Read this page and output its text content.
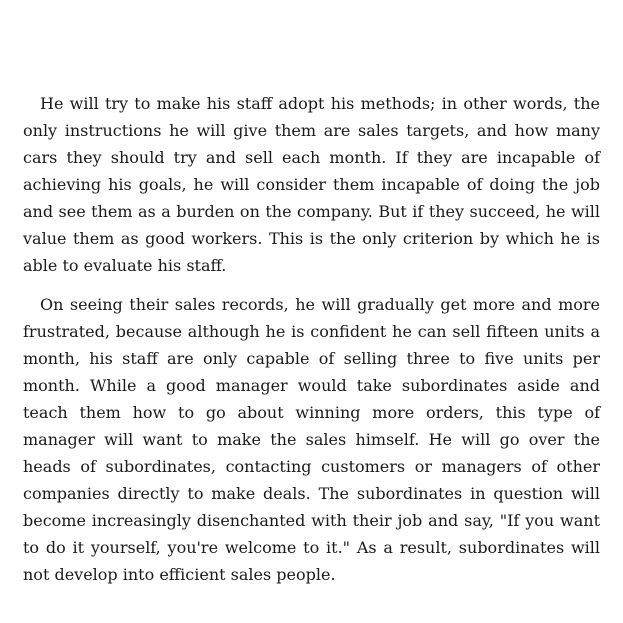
He will try to make his staff adopt his methods; in other words, the only instructions he will give them are sales targets, and how many cars they should try and sell each month. If they are incapable of achieving his goals, he will consider them incapable of doing the job and see them as a burden on the company. But if they succeed, he will value them as good workers. This is the only criterion by which he is able to evaluate his staff.

On seeing their sales records, he will gradually get more and more frustrated, because although he is confident he can sell fifteen units a month, his staff are only capable of selling three to five units per month. While a good manager would take subordinates aside and teach them how to go about winning more orders, this type of manager will want to make the sales himself. He will go over the heads of subordinates, contacting customers or managers of other companies directly to make deals. The subordinates in question will become increasingly disenchanted with their job and say, "If you want to do it yourself, you're welcome to it." As a result, subordinates will not develop into efficient sales people.
